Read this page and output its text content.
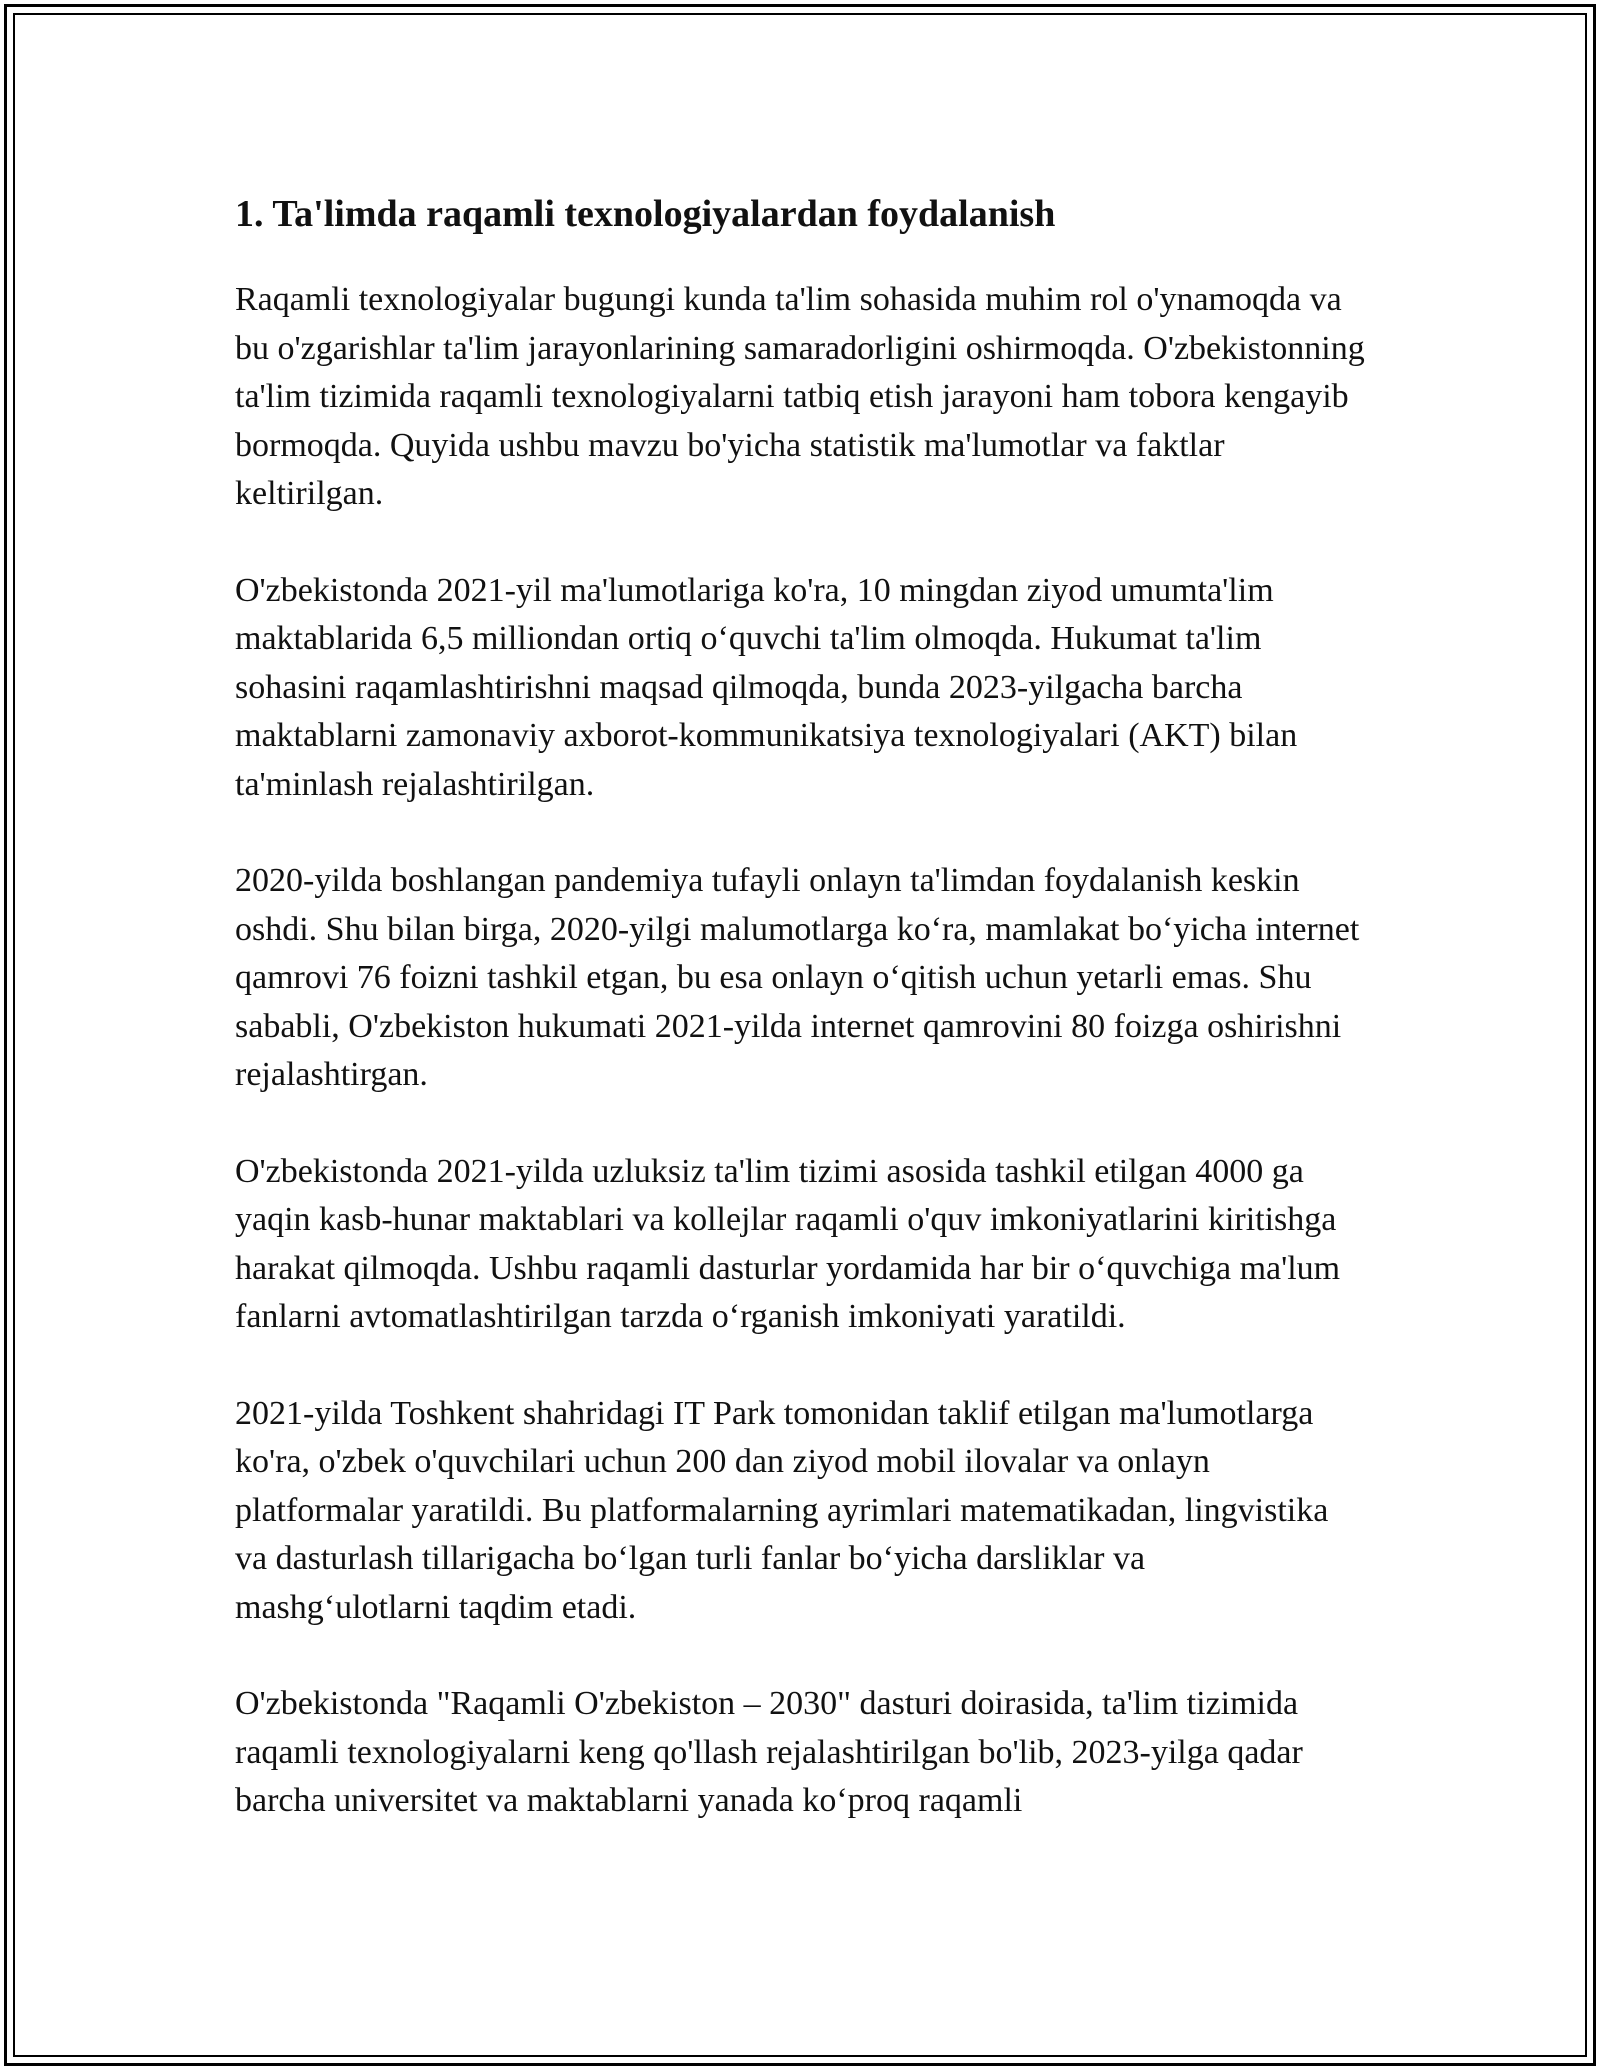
1. Ta'limda raqamli texnologiyalardan foydalanish

Raqamli texnologiyalar bugungi kunda ta'lim sohasida muhim rol o'ynamoqda va bu o'zgarishlar ta'lim jarayonlarining samaradorligini oshirmoqda. O'zbekistonning ta'lim tizimida raqamli texnologiyalarni tatbiq etish jarayoni ham tobora kengayib bormoqda. Quyida ushbu mavzu bo'yicha statistik ma'lumotlar va faktlar keltirilgan.

O'zbekistonda 2021-yil ma'lumotlariga ko'ra, 10 mingdan ziyod umumta'lim maktablarida 6,5 milliondan ortiq o‘quvchi ta'lim olmoqda. Hukumat ta'lim sohasini raqamlashtirishni maqsad qilmoqda, bunda 2023-yilgacha barcha maktablarni zamonaviy axborot-kommunikatsiya texnologiyalari (AKT) bilan ta'minlash rejalashtirilgan.

2020-yilda boshlangan pandemiya tufayli onlayn ta'limdan foydalanish keskin oshdi. Shu bilan birga, 2020-yilgi malumotlarga ko‘ra, mamlakat bo‘yicha internet qamrovi 76 foizni tashkil etgan, bu esa onlayn o‘qitish uchun yetarli emas. Shu sababli, O'zbekiston hukumati 2021-yilda internet qamrovini 80 foizga oshirishni rejalashtirgan.

O'zbekistonda 2021-yilda uzluksiz ta'lim tizimi asosida tashkil etilgan 4000 ga yaqin kasb-hunar maktablari va kollejlar raqamli o'quv imkoniyatlarini kiritishga harakat qilmoqda. Ushbu raqamli dasturlar yordamida har bir o‘quvchiga ma'lum fanlarni avtomatlashtirilgan tarzda o‘rganish imkoniyati yaratildi.

2021-yilda Toshkent shahridagi IT Park tomonidan taklif etilgan ma'lumotlarga ko'ra, o'zbek o'quvchilari uchun 200 dan ziyod mobil ilovalar va onlayn platformalar yaratildi. Bu platformalarning ayrimlari matematikadan, lingvistika va dasturlash tillarigacha bo‘lgan turli fanlar bo‘yicha darsliklar va mashg‘ulotlarni taqdim etadi.

O'zbekistonda "Raqamli O'zbekiston – 2030" dasturi doirasida, ta'lim tizimida raqamli texnologiyalarni keng qo'llash rejalashtirilgan bo'lib, 2023-yilga qadar barcha universitet va maktablarni yanada ko‘proq raqamli
